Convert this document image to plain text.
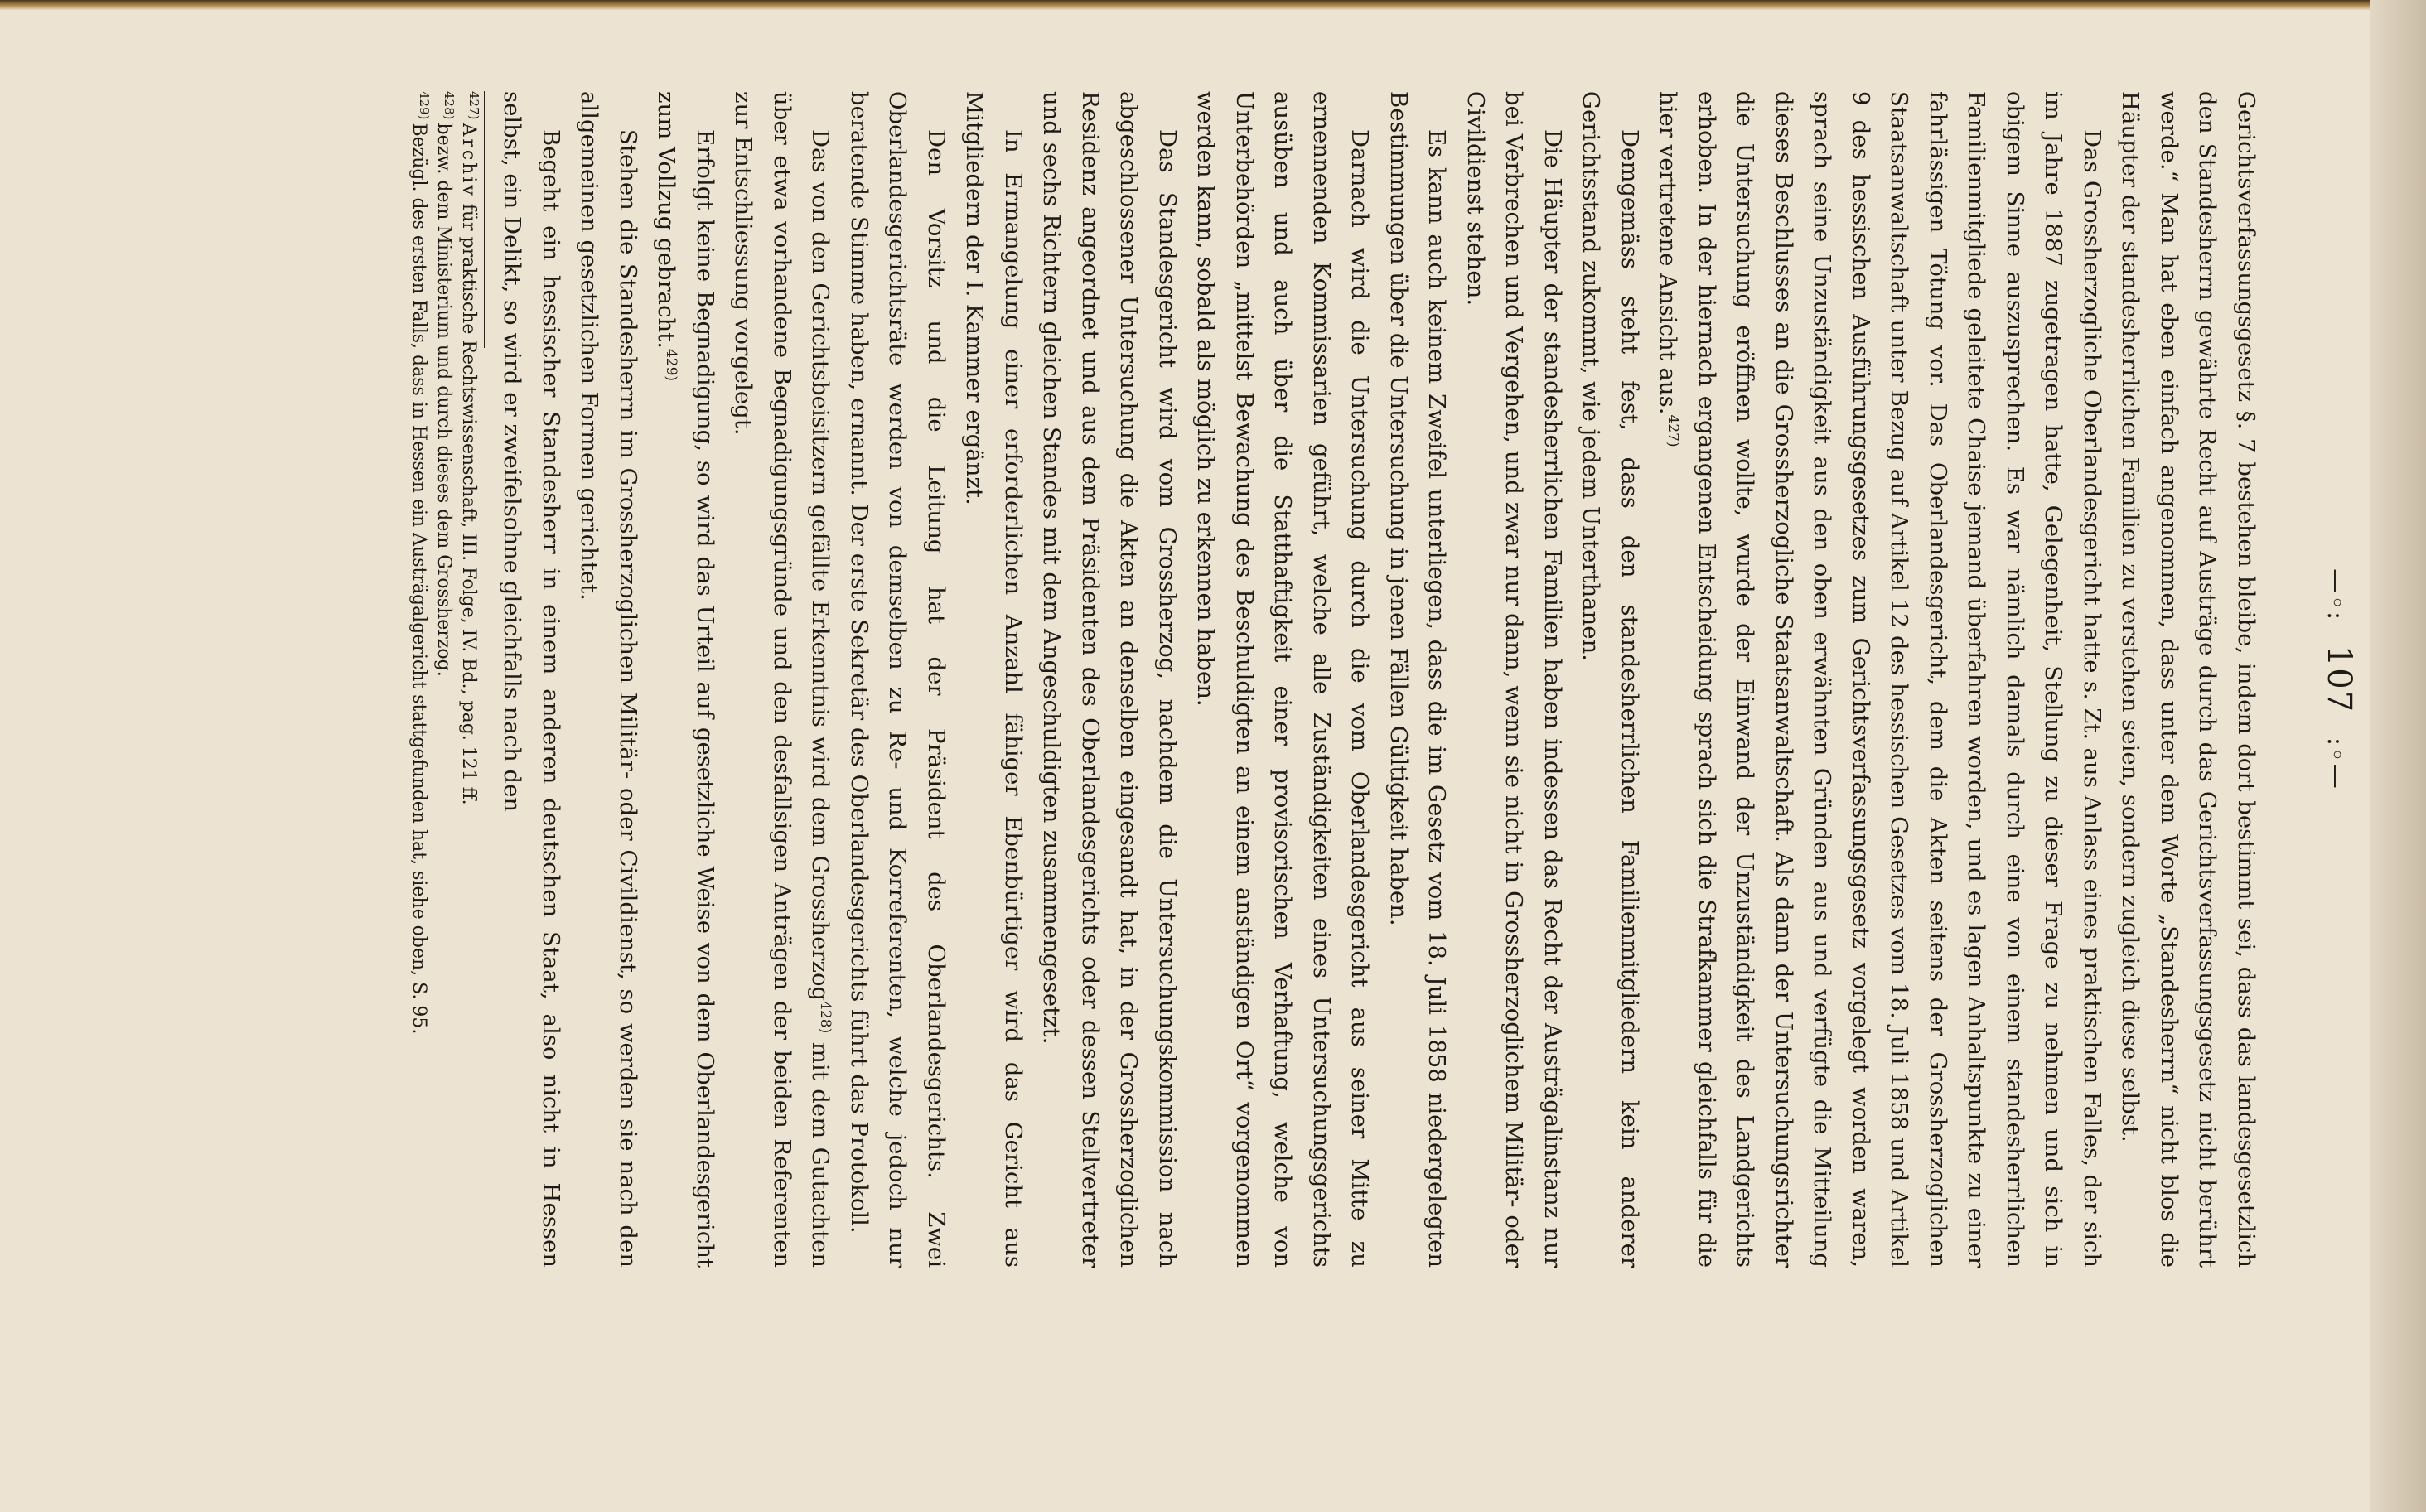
—◦: 107 :◦—

Gerichtsverfassungsgesetz §. 7 bestehen bleibe, indem dort bestimmt sei, dass das landesgesetzlich den Standesherrn gewährte Recht auf Austräge durch das Gerichtsverfassungsgesetz nicht berührt werde.“ Man hat eben einfach angenommen, dass unter dem Worte „Standesherrn“ nicht blos die Häupter der standesherrlichen Familien zu verstehen seien, sondern zugleich diese selbst.

Das Grossherzogliche Oberlandesgericht hatte s. Zt. aus Anlass eines praktischen Falles, der sich im Jahre 1887 zugetragen hatte, Gelegenheit, Stellung zu dieser Frage zu nehmen und sich in obigem Sinne auszusprechen. Es war nämlich damals durch eine von einem standesherrlichen Familienmitgliede geleitete Chaise jemand überfahren worden, und es lagen Anhaltspunkte zu einer fahrlässigen Tötung vor. Das Oberlandesgericht, dem die Akten seitens der Grossherzoglichen Staatsanwaltschaft unter Bezug auf Artikel 12 des hessischen Gesetzes vom 18. Juli 1858 und Artikel 9 des hessischen Ausführungsgesetzes zum Gerichtsverfassungsgesetz vorgelegt worden waren, sprach seine Unzuständigkeit aus den oben erwähnten Gründen aus und verfügte die Mitteilung dieses Beschlusses an die Grossherzogliche Staatsanwaltschaft. Als dann der Untersuchungsrichter die Untersuchung eröffnen wollte, wurde der Einwand der Unzuständigkeit des Landgerichts erhoben. In der hiernach ergangenen Entscheidung sprach sich die Strafkammer gleichfalls für die hier vertretene Ansicht aus.$^{427)}$

Demgemäss steht fest, dass den standesherrlichen Familienmitgliedern kein anderer Gerichtsstand zukommt, wie jedem Unterthanen.

Die Häupter der standesherrlichen Familien haben indessen das Recht der Austrägalinstanz nur bei Verbrechen und Vergehen, und zwar nur dann, wenn sie nicht in Grossherzoglichem Militär- oder Civildienst stehen.

Es kann auch keinem Zweifel unterliegen, dass die im Gesetz vom 18. Juli 1858 niedergelegten Bestimmungen über die Untersuchung in jenen Fällen Gültigkeit haben.

Darnach wird die Untersuchung durch die vom Oberlandesgericht aus seiner Mitte zu ernennenden Kommissarien geführt, welche alle Zuständigkeiten eines Untersuchungsgerichts ausüben und auch über die Statthaftigkeit einer provisorischen Verhaftung, welche von Unterbehörden „mittelst Bewachung des Beschuldigten an einem anständigen Ort“ vorgenommen werden kann, sobald als möglich zu erkennen haben.

Das Standesgericht wird vom Grossherzog, nachdem die Untersuchungskommission nach abgeschlossener Untersuchung die Akten an denselben eingesandt hat, in der Grossherzoglichen Residenz angeordnet und aus dem Präsidenten des Oberlandesgerichts oder dessen Stellvertreter und sechs Richtern gleichen Standes mit dem Angeschuldigten zusammengesetzt.

In Ermangelung einer erforderlichen Anzahl fähiger Ebenbürtiger wird das Gericht aus Mitgliedern der I. Kammer ergänzt.

Den Vorsitz und die Leitung hat der Präsident des Oberlandesgerichts. Zwei Oberlandesgerichtsräte werden von demselben zu Re- und Korreferenten, welche jedoch nur beratende Stimme haben, ernannt. Der erste Sekretär des Oberlandesgerichts führt das Protokoll.

Das von den Gerichtsbeisitzern gefällte Erkenntnis wird dem Grossherzog$^{428)}$ mit dem Gutachten über etwa vorhandene Begnadigungsgründe und den desfallsigen Anträgen der beiden Referenten zur Entschliessung vorgelegt.

Erfolgt keine Begnadigung, so wird das Urteil auf gesetzliche Weise von dem Oberlandesgericht zum Vollzug gebracht.$^{429)}$

Stehen die Standesherrn im Grossherzoglichen Militär- oder Civildienst, so werden sie nach den allgemeinen gesetzlichen Formen gerichtet.

Begeht ein hessischer Standesherr in einem anderen deutschen Staat, also nicht in Hessen selbst, ein Delikt, so wird er zweifelsohne gleichfalls nach den

$^{427)}$Archiv für praktische Rechtswissenschaft, III. Folge, IV. Bd., pag. 121 ff.

$^{428)}$bezw. dem Ministerium und durch dieses dem Grossherzog.

$^{429)}$Bezügl. des ersten Falls, dass in Hessen ein Austrägalgericht stattgefunden hat, siehe oben, S. 95.
